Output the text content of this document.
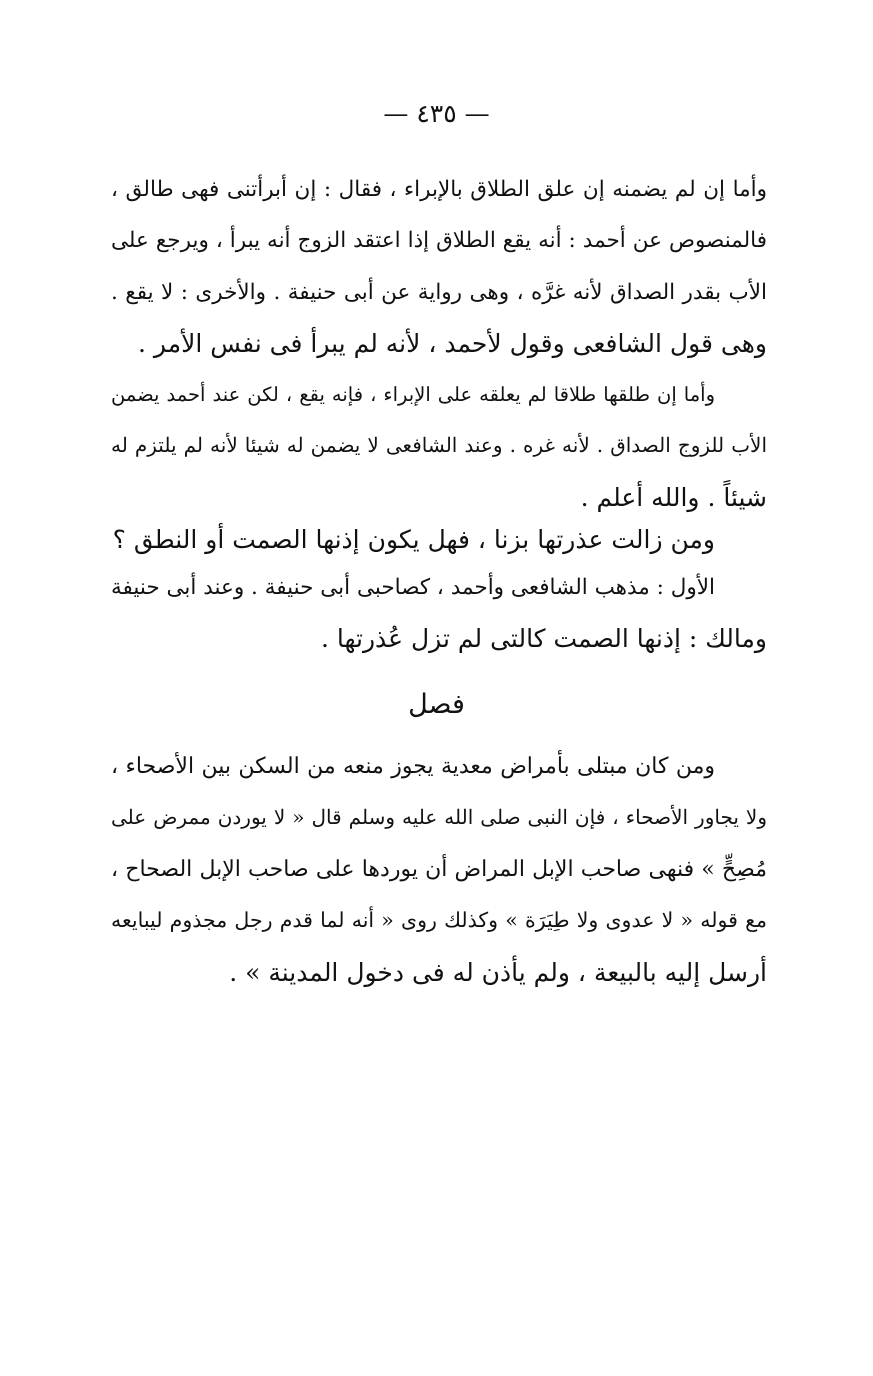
— ٤٣٥ —
وأما إن لم يضمنه إن علق الطلاق بالإبراء ، فقال : إن أبرأتنى فهى طالق ،
فالمنصوص عن أحمد : أنه يقع الطلاق إذا اعتقد الزوج أنه يبرأ ، ويرجع على
الأب بقدر الصداق لأنه غرَّه ، وهى رواية عن أبى حنيفة . والأخرى : لا يقع .
وهى قول الشافعى وقول لأحمد ، لأنه لم يبرأ فى نفس الأمر .
وأما إن طلقها طلاقا لم يعلقه على الإبراء ، فإنه يقع ، لكن عند أحمد يضمن
الأب للزوج الصداق . لأنه غره . وعند الشافعى لا يضمن له شيئا لأنه لم يلتزم له
شيئاً . والله أعلم .
ومن زالت عذرتها بزنا ، فهل يكون إذنها الصمت أو النطق ؟
الأول : مذهب الشافعى وأحمد ، كصاحبى أبى حنيفة . وعند أبى حنيفة
ومالك : إذنها الصمت كالتى لم تزل عُذرتها .
فصل
ومن كان مبتلى بأمراض معدية يجوز منعه من السكن بين الأصحاء ،
ولا يجاور الأصحاء ، فإن النبى صلى الله عليه وسلم قال « لا يوردن ممرض على
مُصِحٍّ » فنهى صاحب الإبل المراض أن يوردها على صاحب الإبل الصحاح ،
مع قوله « لا عدوى ولا طِيَرَة » وكذلك روى « أنه لما قدم رجل مجذوم ليبايعه
أرسل إليه بالبيعة ، ولم يأذن له فى دخول المدينة » .
